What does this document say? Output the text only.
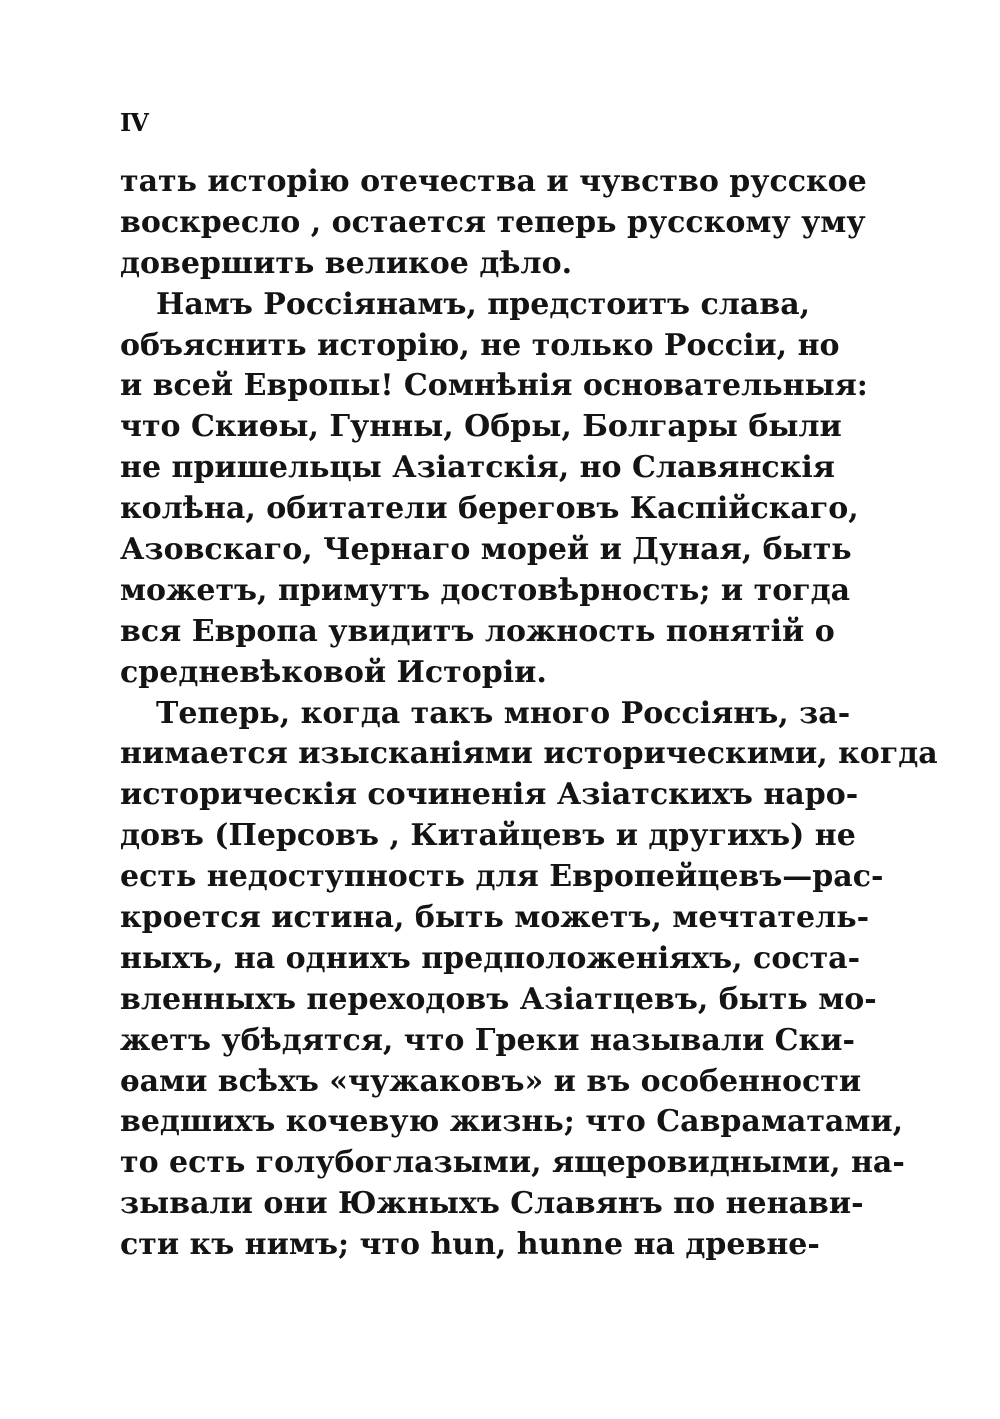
IV
тать исторію отечества и чувство русское
воскресло , остается теперь русскому уму
довершить великое дѣло.
Намъ Россіянамъ, предстоитъ слава,
объяснить исторію, не только Россіи, но
и всей Европы! Сомнѣнія основательныя:
что Скиѳы, Гунны, Обры, Болгары были
не пришельцы Азіатскія, но Славянскія
колѣна, обитатели береговъ Каспійскаго,
Азовскаго, Чернаго морей и Дуная, быть
можетъ, примутъ достовѣрность; и тогда
вся Европа увидитъ ложность понятій о
средневѣковой Исторіи.
Теперь, когда такъ много Россіянъ, за-
нимается изысканіями историческими, когда
историческія сочиненія Азіатскихъ наро-
довъ (Персовъ , Китайцевъ и другихъ) не
есть недоступность для Европейцевъ—рас-
кроется истина, быть можетъ, мечтатель-
ныхъ, на однихъ предположеніяхъ, соста-
вленныхъ переходовъ Азіатцевъ, быть мо-
жетъ убѣдятся, что Греки называли Ски-
ѳами всѣхъ «чужаковъ» и въ особенности
ведшихъ кочевую жизнь; что Савраматами,
то есть голубоглазыми, ящеровидными, на-
зывали они Южныхъ Славянъ по ненави-
сти къ нимъ; что hun, hunne на древне-
